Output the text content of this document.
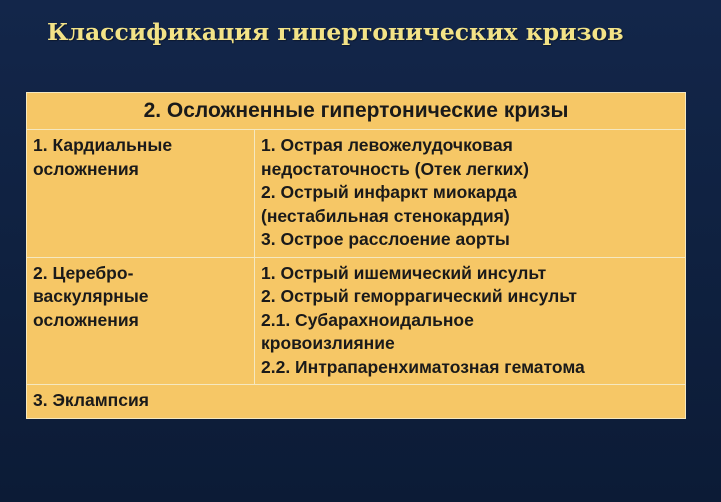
Классификация гипертонических кризов
2. Осложненные гипертонические кризы	

1. Кардиальные
осложнения	1. Острая левожелудочковая
недостаточность (Отек легких)
2. Острый инфаркт миокарда
(нестабильная стенокардия)
3. Острое расслоение аорты

2. Церебро-
васкулярные
осложнения	1. Острый ишемический инсульт
2. Острый геморрагический инсульт
2.1. Субарахноидальное
кровоизлияние
2.2. Интрапаренхиматозная гематома

3. Эклампсия	
